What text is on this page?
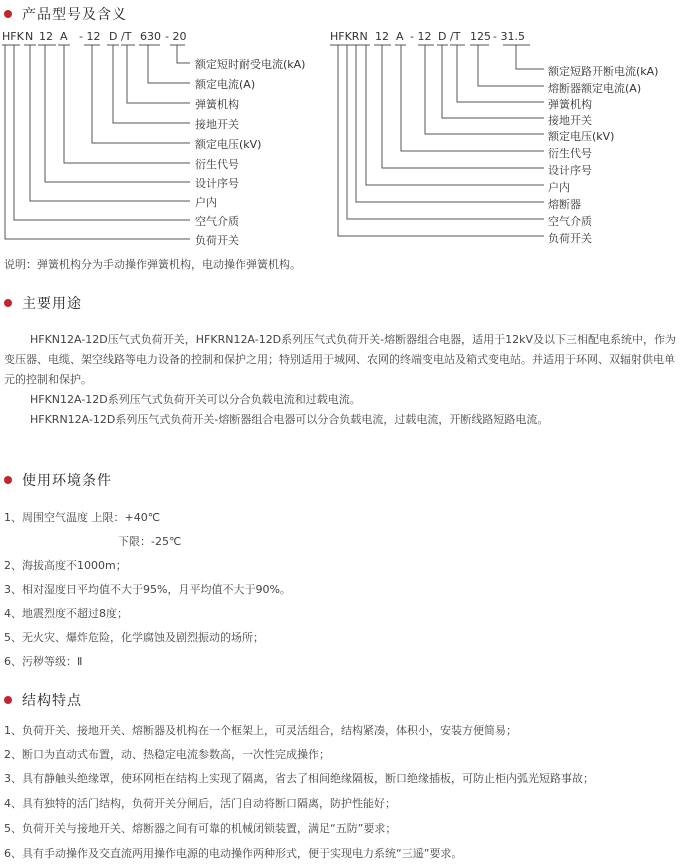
产品型号及含义
HFK N 12 A - 12 D /T 630 - 20
额定短时耐受电流(kA)
额定电流(A)
弹簧机构
接地开关
额定电压(kV)
衍生代号
设计序号
户内
空气介质
负荷开关
HFKRN 12 A - 12 D /T 125 - 31.5
额定短路开断电流(kA)
熔断器额定电流(A)
弹簧机构
接地开关
额定电压(kV)
衍生代号
设计序号
户内
熔断器
空气介质
负荷开关
说明：弹簧机构分为手动操作弹簧机构，电动操作弹簧机构。
主要用途

HFKN12A-12D压气式负荷开关，HFKRN12A-12D系列压气式负荷开关-熔断器组合电器，适用于12kV及以下三相配电系统中，作为变压器、电缆、架空线路等电力设备的控制和保护之用；特别适用于城网、农网的终端变电站及箱式变电站。并适用于环网、双辐射供电单元的控制和保护。

HFKN12A-12D系列压气式负荷开关可以分合负载电流和过载电流。

HFKRN12A-12D系列压气式负荷开关-熔断器组合电器可以分合负载电流，过载电流，开断线路短路电流。

使用环境条件
1、周围空气温度 上限：+40℃
下限：-25℃
2、海拔高度不1000m；
3、相对湿度日平均值不大于95%，月平均值不大于90%。
4、地震烈度不超过8度；
5、无火灾、爆炸危险，化学腐蚀及剧烈振动的场所；
6、污秽等级：Ⅱ
结构特点
1、负荷开关、接地开关、熔断器及机构在一个框架上，可灵活组合，结构紧凑，体积小，安装方便简易；
2、断口为直动式布置，动、热稳定电流参数高，一次性完成操作；
3、具有静触头绝缘罩，使环网柜在结构上实现了隔离，省去了相间绝缘隔板，断口绝缘插板，可防止柜内弧光短路事故；
4、具有独特的活门结构，负荷开关分闸后，活门自动将断口隔离，防护性能好；
5、负荷开关与接地开关、熔断器之间有可靠的机械闭锁装置，满足“五防”要求；
6、具有手动操作及交直流两用操作电源的电动操作两种形式，便于实现电力系统“三遥”要求。
